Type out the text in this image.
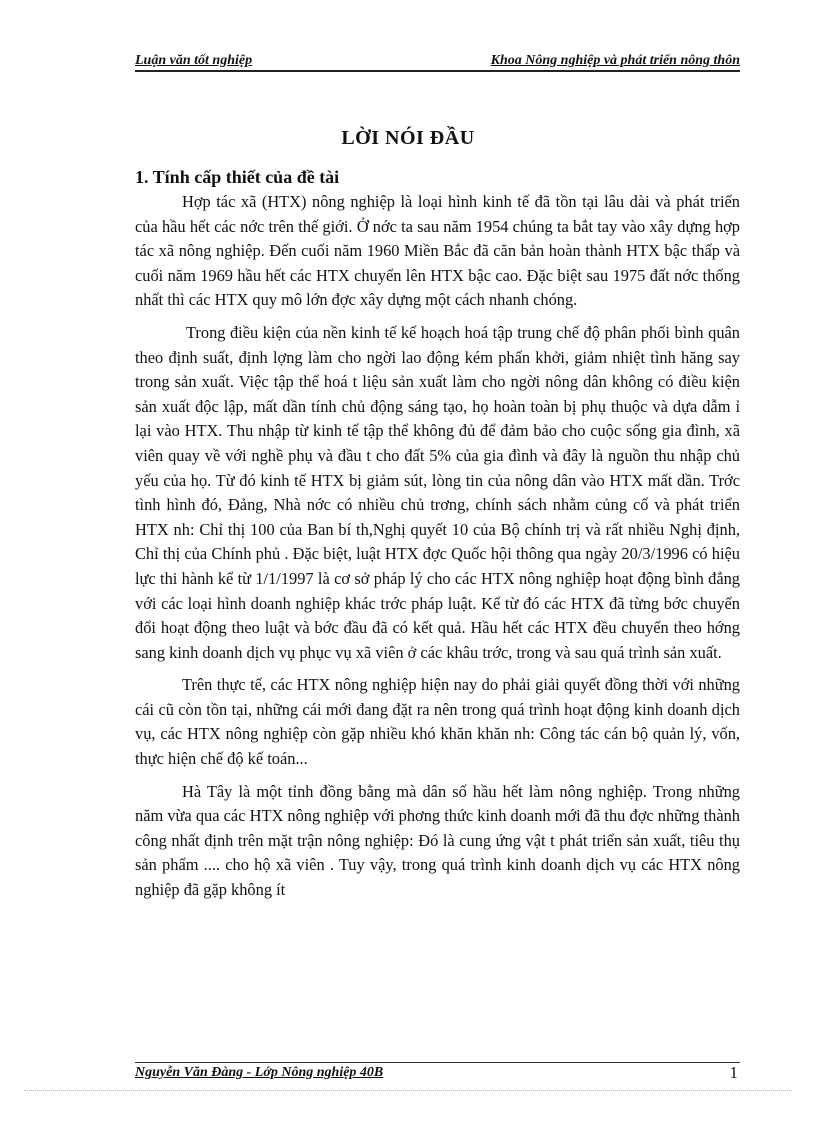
Luận văn tốt nghiệp	Khoa Nông nghiệp và phát triển nông thôn
LỜI NÓI ĐẦU
1. Tính cấp thiết của đề tài

Hợp tác xã (HTX) nông nghiệp là loại hình kinh tế đã tồn tại lâu dài và phát triển của hầu hết các nớc trên thế giới. Ở nớc ta sau năm 1954 chúng ta bắt tay vào xây dựng hợp tác xã nông nghiệp. Đến cuối năm 1960 Miền Bắc đã căn bản hoàn thành HTX bậc thấp và cuối năm 1969 hầu hết các HTX chuyển lên HTX bậc cao. Đặc biệt sau 1975 đất nớc thống nhất thì các HTX quy mô lớn đợc xây dựng một cách nhanh chóng.

Trong điều kiện của nền kinh tế kế hoạch hoá tập trung chế độ phân phối bình quân theo định suất, định lợng làm cho ngời lao động kém phấn khởi, giảm nhiệt tình hăng say trong sản xuất. Việc tập thể hoá t liệu sản xuất làm cho ngời nông dân không có điều kiện sản xuất độc lập, mất dần tính chủ động sáng tạo, họ hoàn toàn bị phụ thuộc và dựa dẫm ỉ lại vào HTX. Thu nhập từ kinh tế tập thể không đủ để đảm bảo cho cuộc sống gia đình, xã viên quay về với nghề phụ và đầu t cho đất 5% của gia đình và đây là nguồn thu nhập chủ yếu của họ. Từ đó kinh tế HTX bị giảm sút, lòng tin của nông dân vào HTX mất dần. Trớc tình hình đó, Đảng, Nhà nớc có nhiều chủ trơng, chính sách nhằm củng cố và phát triển HTX nh: Chỉ thị 100 của Ban bí th,Nghị quyết 10 của Bộ chính trị và rất nhiều Nghị định, Chỉ thị của Chính phủ . Đặc biệt, luật HTX đợc Quốc hội thông qua ngày 20/3/1996 có hiệu lực thi hành kể từ 1/1/1997 là cơ sở pháp lý cho các HTX nông nghiệp hoạt động bình đẳng với các loại hình doanh nghiệp khác trớc pháp luật. Kể từ đó các HTX đã từng bớc chuyển đổi hoạt động theo luật và bớc đầu đã có kết quả. Hầu hết các HTX đều chuyển theo hớng sang kinh doanh dịch vụ phục vụ xã viên ở các khâu trớc, trong và sau quá trình sản xuất.

Trên thực tế, các HTX nông nghiệp hiện nay do phải giải quyết đồng thời với những cái cũ còn tồn tại, những cái mới đang đặt ra nên trong quá trình hoạt động kinh doanh dịch vụ, các HTX nông nghiệp còn gặp nhiều khó khăn khăn nh: Công tác cán bộ quản lý, vốn, thực hiện chế độ kế toán...

Hà Tây là một tỉnh đồng bằng mà dân số hầu hết làm nông nghiệp. Trong những năm vừa qua các HTX nông nghiệp với phơng thức kinh doanh mới đã thu đợc những thành công nhất định trên mặt trận nông nghiệp: Đó là cung ứng vật t phát triển sản xuất, tiêu thụ sản phẩm .... cho hộ xã viên . Tuy vậy, trong quá trình kinh doanh dịch vụ các HTX nông nghiệp đã gặp không ít

Nguyễn Văn Đàng - Lớp Nông nghiệp 40B	1
